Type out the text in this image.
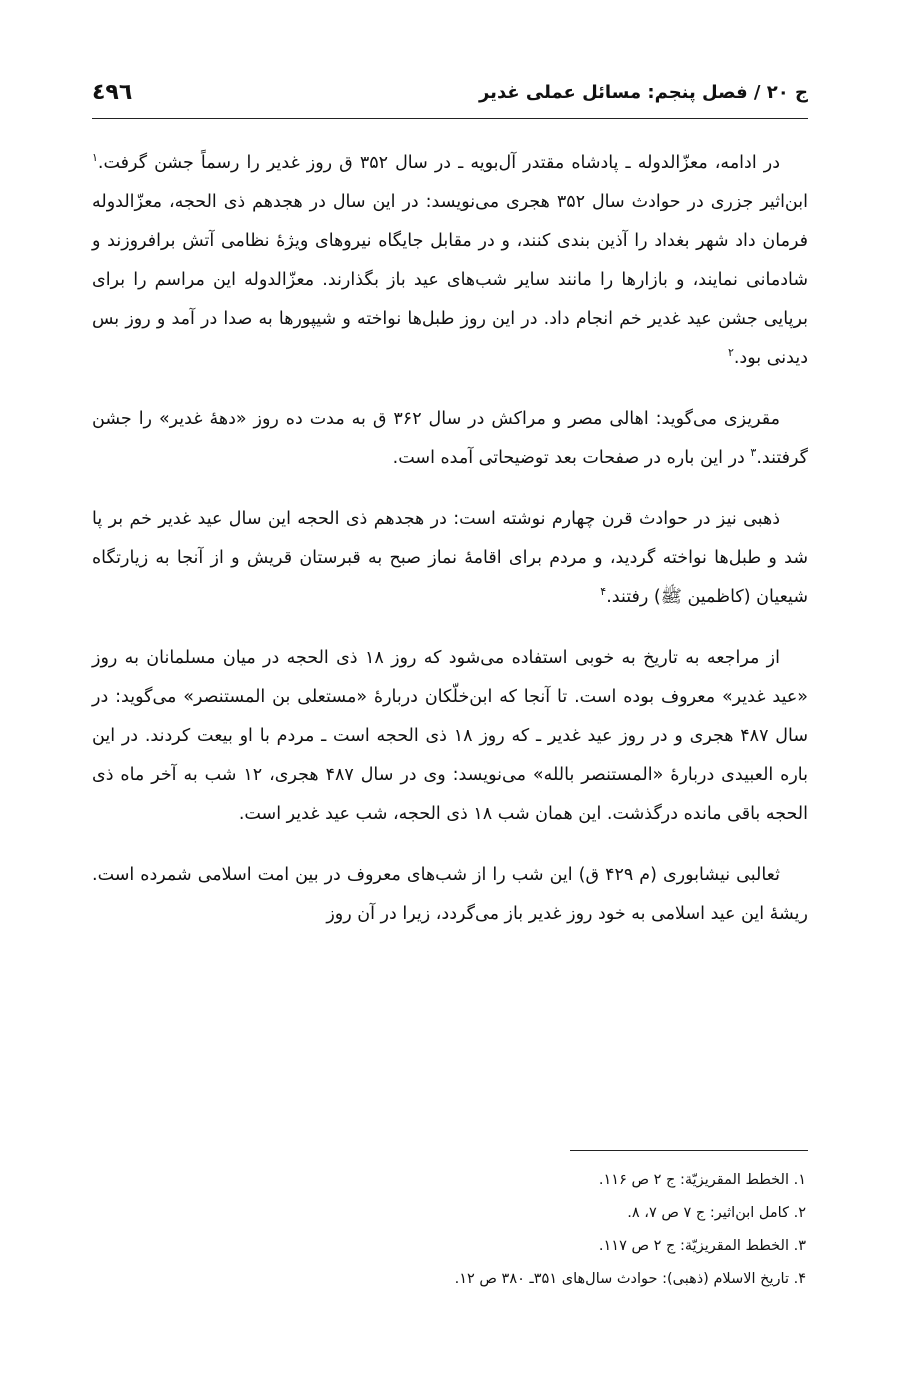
ج ۲۰ / فصل پنجم: مسائل عملی غدیر
٤٩٦

در ادامه، معزّالدوله ـ پادشاه مقتدر آل‌بویه ـ در سال ۳۵۲ ق روز غدیر را رسماً جشن گرفت.$^۱$ ابن‌اثیر جزری در حوادث سال ۳۵۲ هجری می‌نویسد: در این سال در هجدهم ذی الحجه، معزّالدوله فرمان داد شهر بغداد را آذین بندی کنند، و در مقابل جایگاه نیروهای ویژهٔ نظامی آتش برافروزند و شادمانی نمایند، و بازارها را مانند سایر شب‌های عید باز بگذارند. معزّالدوله این مراسم را برای برپایی جشن عید غدیر خم انجام داد. در این روز طبل‌ها نواخته و شیپورها به صدا در آمد و روز بس دیدنی بود.$^۲$

مقریزی می‌گوید: اهالی مصر و مراکش در سال ۳۶۲ ق به مدت ده روز «دههٔ غدیر» را جشن گرفتند.$^۳$ در این باره در صفحات بعد توضیحاتی آمده است.

ذهبی نیز در حوادث قرن چهارم نوشته است: در هجدهم ذی الحجه این سال عید غدیر خم بر پا شد و طبل‌ها نواخته گردید، و مردم برای اقامهٔ نماز صبح به قبرستان قریش و از آنجا به زیارتگاه شیعیان (کاظمین ﷺ) رفتند.$^۴$

از مراجعه به تاریخ به خوبی استفاده می‌شود که روز ۱۸ ذی الحجه در میان مسلمانان به روز «عید غدیر» معروف بوده است. تا آنجا که ابن‌خلّکان دربارهٔ «مستعلی بن المستنصر» می‌گوید: در سال ۴۸۷ هجری و در روز عید غدیر ـ که روز ۱۸ ذی الحجه است ـ مردم با او بیعت کردند. در این باره العبیدی دربارهٔ «المستنصر بالله» می‌نویسد: وی در سال ۴۸۷ هجری، ۱۲ شب به آخر ماه ذی الحجه باقی مانده درگذشت. این همان شب ۱۸ ذی الحجه، شب عید غدیر است.

ثعالبی نیشابوری (م ۴۲۹ ق) این شب را از شب‌های معروف در بین امت اسلامی شمرده است. ریشهٔ این عید اسلامی به خود روز غدیر باز می‌گردد، زیرا در آن روز

۱. الخطط المقریزیّة: ج ۲ ص ۱۱۶.
۲. کامل ابن‌اثیر: ج ۷ ص ۷، ۸.
۳. الخطط المقریزیّة: ج ۲ ص ۱۱۷.
۴. تاریخ الاسلام (ذهبی): حوادث سال‌های ۳۵۱ـ ۳۸۰ ص ۱۲.
